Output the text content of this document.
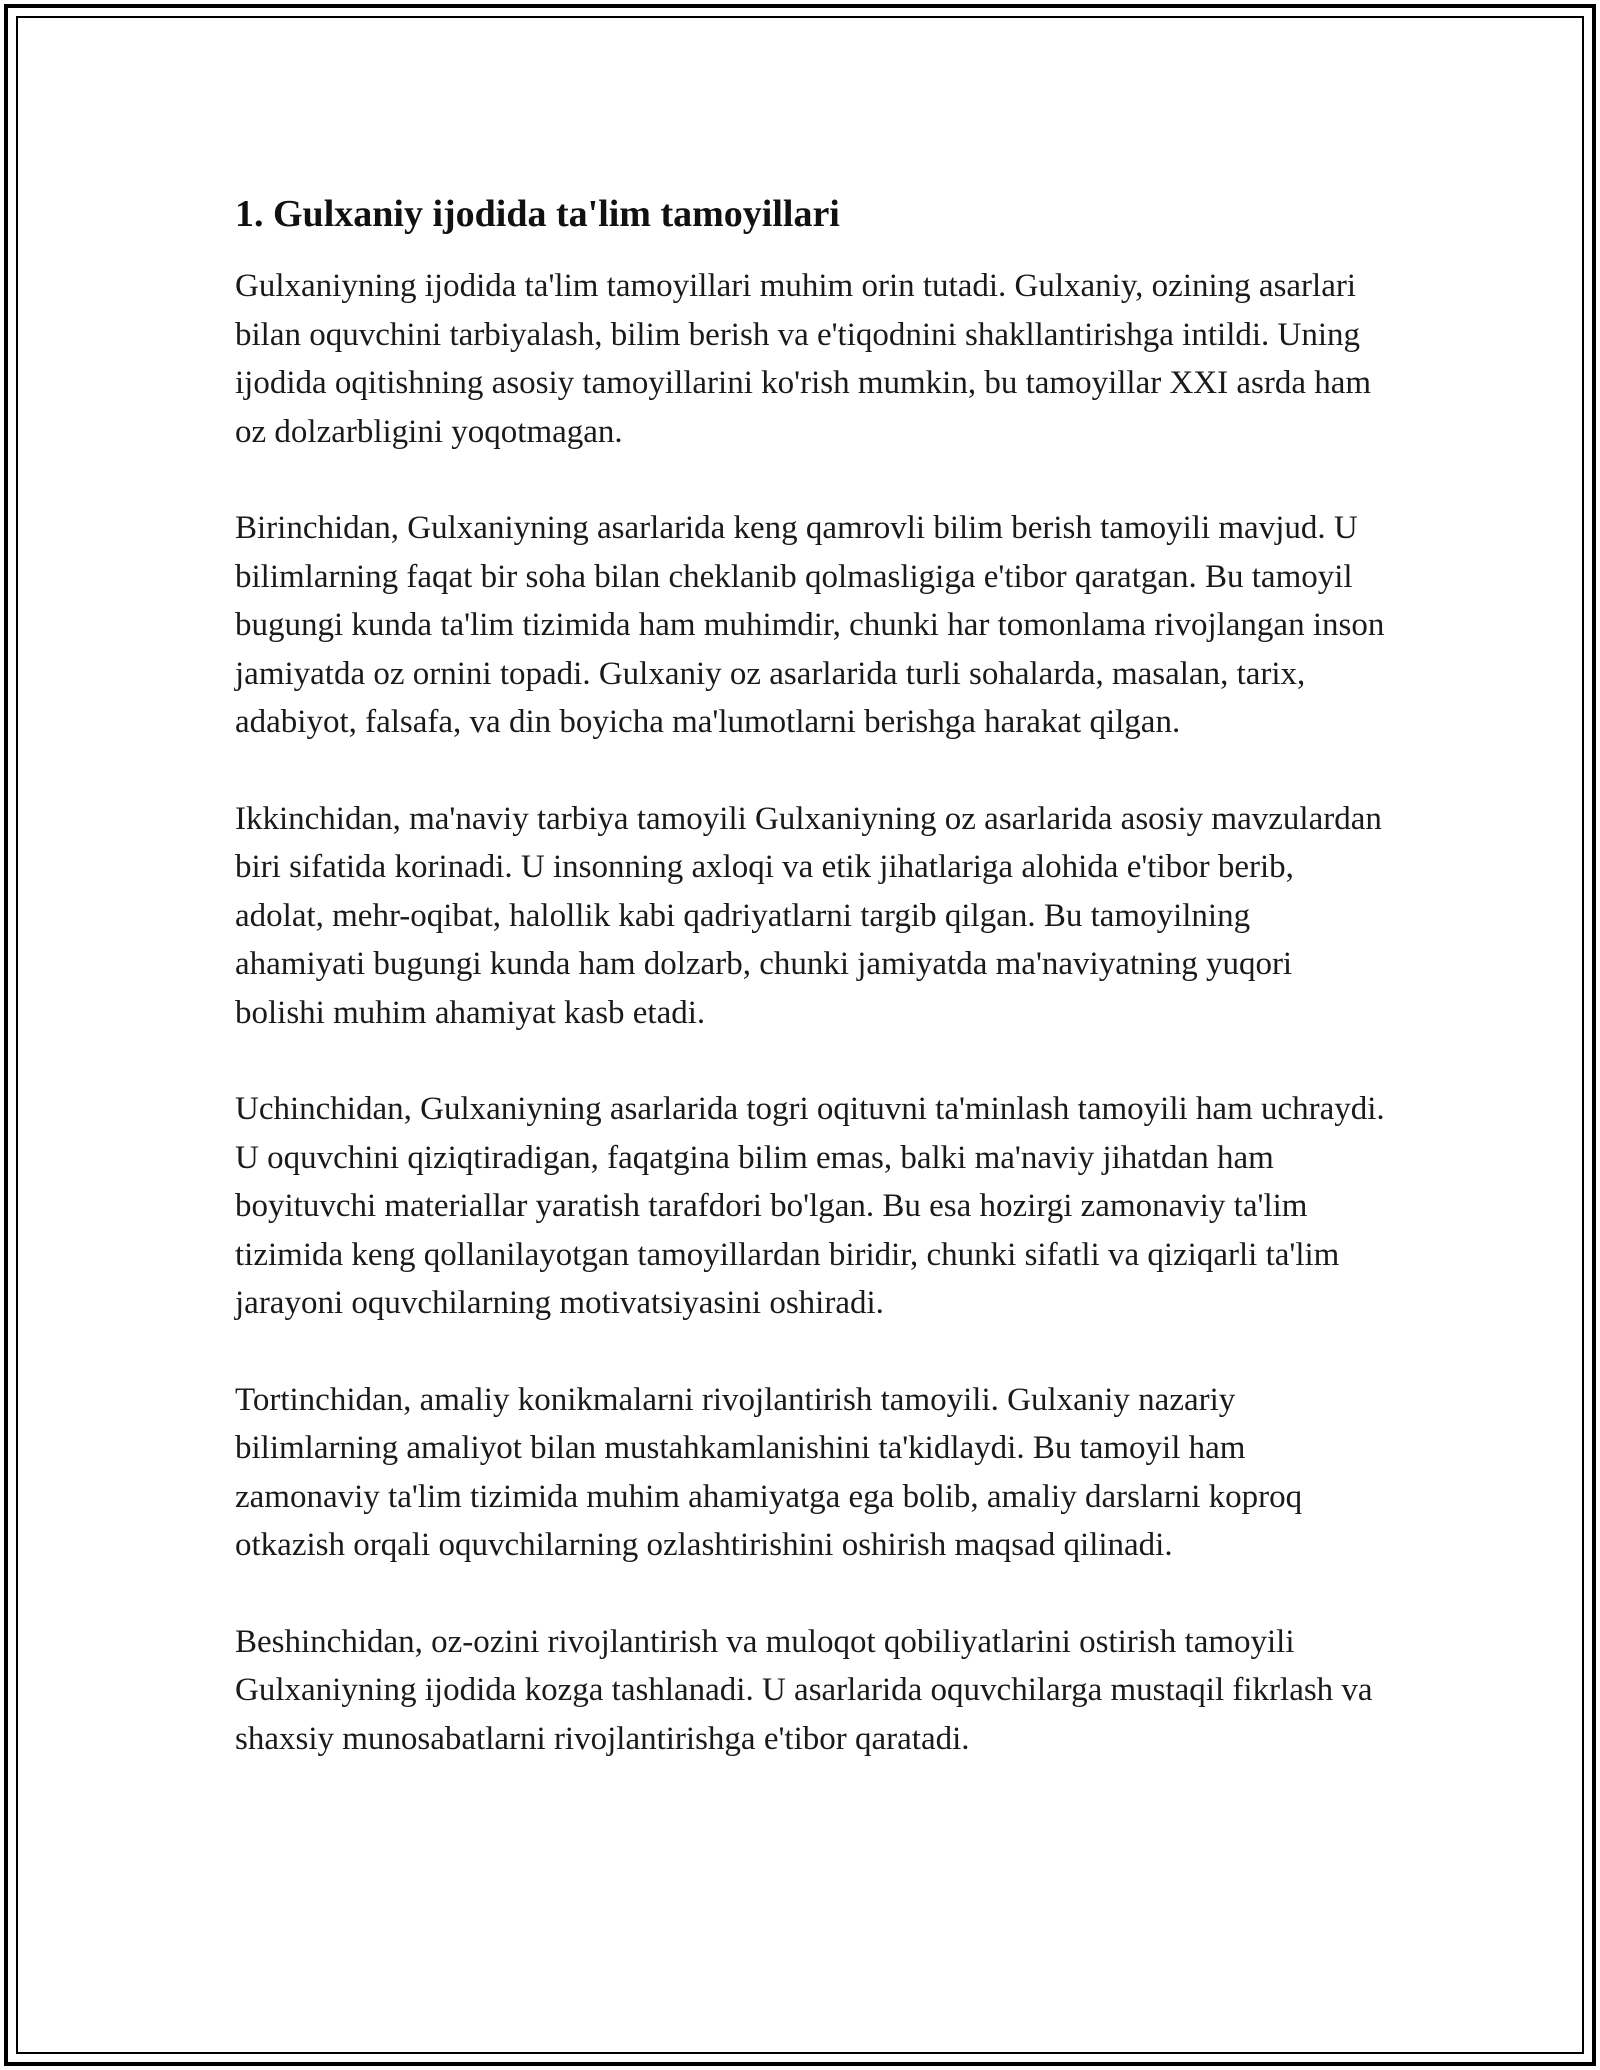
1. Gulxaniy ijodida ta'lim tamoyillari

Gulxaniyning ijodida ta'lim tamoyillari muhim orin tutadi. Gulxaniy, ozining asarlari bilan oquvchini tarbiyalash, bilim berish va e'tiqodnini shakllantirishga intildi. Uning ijodida oqitishning asosiy tamoyillarini ko'rish mumkin, bu tamoyillar XXI asrda ham oz dolzarbligini yoqotmagan.

Birinchidan, Gulxaniyning asarlarida keng qamrovli bilim berish tamoyili mavjud. U bilimlarning faqat bir soha bilan cheklanib qolmasligiga e'tibor qaratgan. Bu tamoyil bugungi kunda ta'lim tizimida ham muhimdir, chunki har tomonlama rivojlangan inson jamiyatda oz ornini topadi. Gulxaniy oz asarlarida turli sohalarda, masalan, tarix, adabiyot, falsafa, va din boyicha ma'lumotlarni berishga harakat qilgan.

Ikkinchidan, ma'naviy tarbiya tamoyili Gulxaniyning oz asarlarida asosiy mavzulardan biri sifatida korinadi. U insonning axloqi va etik jihatlariga alohida e'tibor berib, adolat, mehr-oqibat, halollik kabi qadriyatlarni targib qilgan. Bu tamoyilning ahamiyati bugungi kunda ham dolzarb, chunki jamiyatda ma'naviyatning yuqori bolishi muhim ahamiyat kasb etadi.

Uchinchidan, Gulxaniyning asarlarida togri oqituvni ta'minlash tamoyili ham uchraydi. U oquvchini qiziqtiradigan, faqatgina bilim emas, balki ma'naviy jihatdan ham boyituvchi materiallar yaratish tarafdori bo'lgan. Bu esa hozirgi zamonaviy ta'lim tizimida keng qollanilayotgan tamoyillardan biridir, chunki sifatli va qiziqarli ta'lim jarayoni oquvchilarning motivatsiyasini oshiradi.

Tortinchidan, amaliy konikmalarni rivojlantirish tamoyili. Gulxaniy nazariy bilimlarning amaliyot bilan mustahkamlanishini ta'kidlaydi. Bu tamoyil ham zamonaviy ta'lim tizimida muhim ahamiyatga ega bolib, amaliy darslarni koproq otkazish orqali oquvchilarning ozlashtirishini oshirish maqsad qilinadi.

Beshinchidan, oz-ozini rivojlantirish va muloqot qobiliyatlarini ostirish tamoyili Gulxaniyning ijodida kozga tashlanadi. U asarlarida oquvchilarga mustaqil fikrlash va shaxsiy munosabatlarni rivojlantirishga e'tibor qaratadi.
